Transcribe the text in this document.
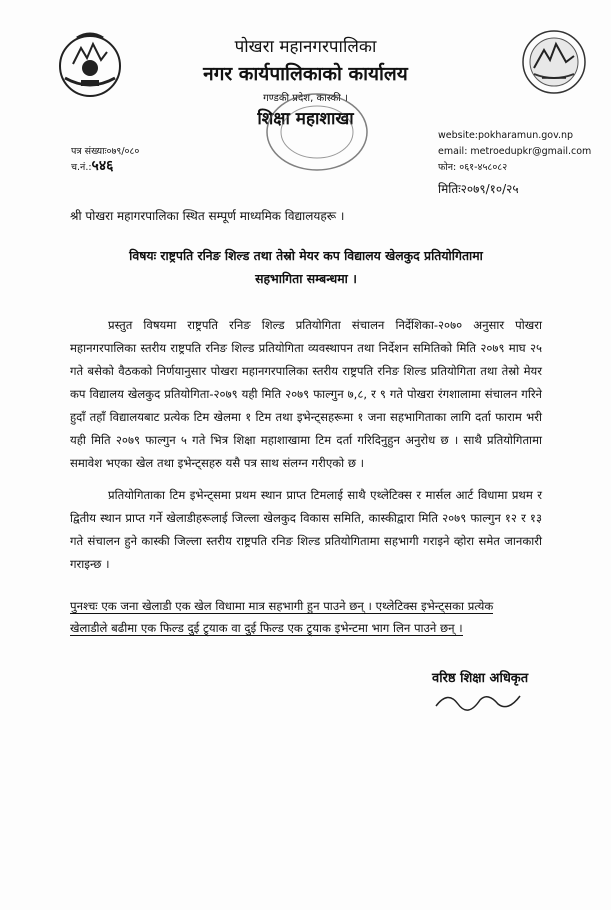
पोखरा महानगरपालिका
नगर कार्यपालिकाको कार्यालय
गण्डकी प्रदेश, कास्की ।
शिक्षा महाशाखा
website:pokharamun.gov.np
email: metroedupkr@gmail.com
फोन: ०६१-४५८०८२
पत्र संख्याः०७९/०८०
च.नं.:५४६
मितिः२०७९/१०/२५
श्री पोखरा महागरपालिका स्थित सम्पूर्ण माध्यमिक विद्यालयहरू ।
विषयः राष्ट्रपति रनिङ शिल्ड तथा तेस्रो मेयर कप विद्यालय खेलकुद प्रतियोगितामा
सहभागिता सम्बन्धमा ।
प्रस्तुत विषयमा राष्ट्रपति रनिङ शिल्ड प्रतियोगिता संचालन निर्देशिका-२०७० अनुसार पोखरा महानगरपालिका स्तरीय राष्ट्रपति रनिङ शिल्ड प्रतियोगिता व्यवस्थापन तथा निर्देशन समितिको मिति २०७९ माघ २५ गते बसेको वैठकको निर्णयानुसार पोखरा महानगरपालिका स्तरीय राष्ट्रपति रनिङ शिल्ड प्रतियोगिता तथा तेस्रो मेयर कप विद्यालय खेलकुद प्रतियोगिता-२०७९ यही मिति २०७९ फाल्गुन ७,८, र ९ गते पोखरा रंगशालामा संचालन गरिने हुदाँ तहाँ विद्यालयबाट प्रत्येक टिम खेलमा १ टिम तथा इभेन्ट्सहरूमा १ जना सहभागिताका लागि दर्ता फाराम भरी यही मिति २०७९ फाल्गुन ५ गते भित्र शिक्षा महाशाखामा टिम दर्ता गरिदिनुहुन अनुरोध छ । साथै प्रतियोगितामा समावेश भएका खेल तथा इभेन्ट्सहरु यसै पत्र साथ संलग्न गरीएको छ ।
प्रतियोगिताका टिम इभेन्ट्समा प्रथम स्थान प्राप्त टिमलाई साथै एथ्लेटिक्स र मार्सल आर्ट विधामा प्रथम र द्वितीय स्थान प्राप्त गर्ने खेलाडीहरूलाई जिल्ला खेलकुद विकास समिति, कास्कीद्वारा मिति २०७९ फाल्गुन १२ र १३ गते संचालन हुने कास्की जिल्ला स्तरीय राष्ट्रपति रनिङ शिल्ड प्रतियोगितामा सहभागी गराइने व्होरा समेत जानकारी गराइन्छ ।
पुनश्चः एक जना खेलाडी एक खेल विधामा मात्र सहभागी हुन पाउने छन् । एथ्लेटिक्स इभेन्ट्सका प्रत्येक
खेलाडीले बढीमा एक फिल्ड दुई ट्र्याक वा दुई फिल्ड एक ट्र्याक इभेन्टमा भाग लिन पाउने छन् ।
वरिष्ठ शिक्षा अधिकृत
